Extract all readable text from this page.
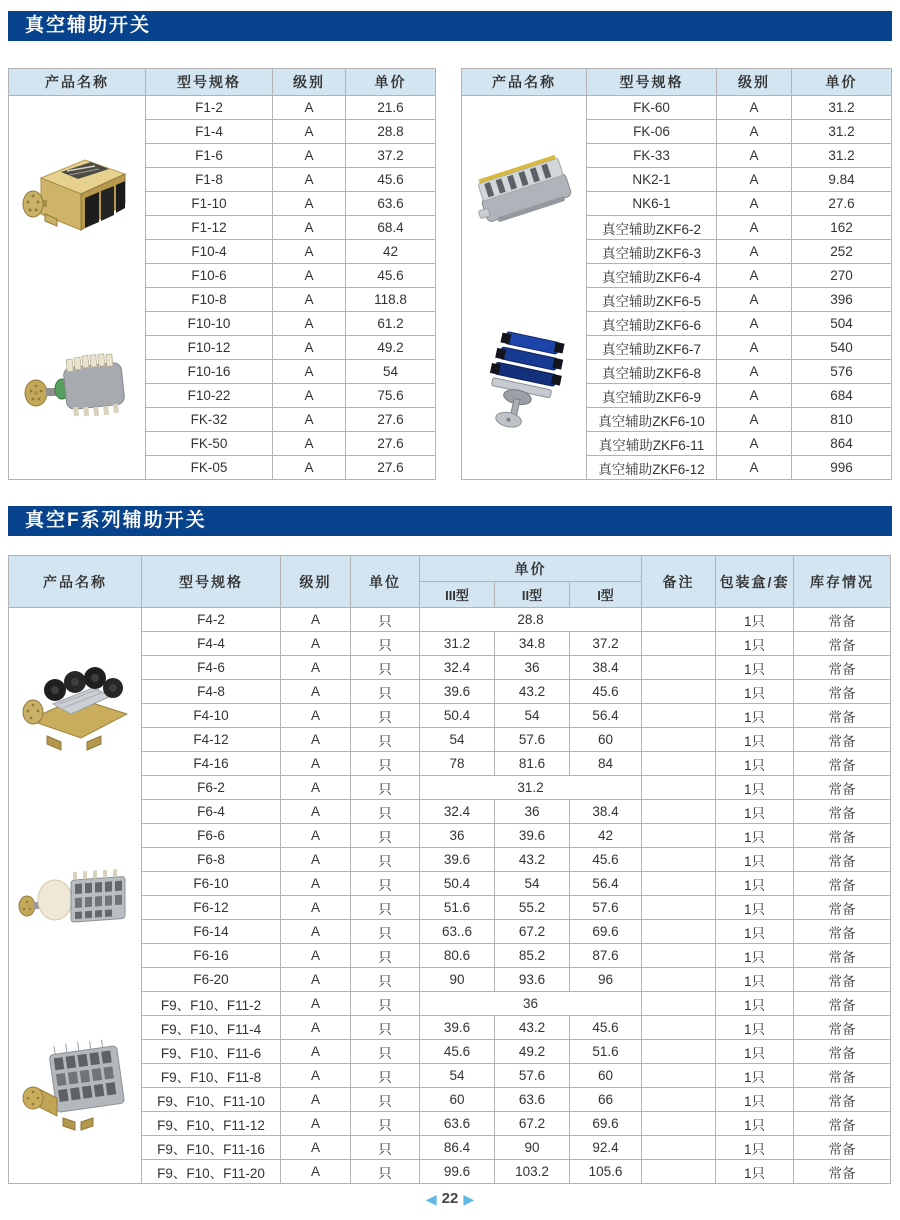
真空辅助开关
产品名称	型号规格	级别	单价

	F1-2	A	21.6
	F1-4	A	28.8
	F1-6	A	37.2
	F1-8	A	45.6
	F1-10	A	63.6
	F1-12	A	68.4
	F10-4	A	42
	F10-6	A	45.6
	F10-8	A	118.8
	F10-10	A	61.2
	F10-12	A	49.2
	F10-16	A	54
	F10-22	A	75.6
	FK-32	A	27.6
	FK-50	A	27.6
	FK-05	A	27.6
产品名称	型号规格	级别	单价

	FK-60	A	31.2
	FK-06	A	31.2
	FK-33	A	31.2
	NK2-1	A	9.84
	NK6-1	A	27.6
	真空辅助ZKF6-2	A	162
	真空辅助ZKF6-3	A	252
	真空辅助ZKF6-4	A	270
	真空辅助ZKF6-5	A	396
	真空辅助ZKF6-6	A	504
	真空辅助ZKF6-7	A	540
	真空辅助ZKF6-8	A	576
	真空辅助ZKF6-9	A	684
	真空辅助ZKF6-10	A	810
	真空辅助ZKF6-11	A	864
	真空辅助ZKF6-12	A	996
真空F系列辅助开关
产品名称	型号规格	级别	单位	单价			备注	包装盒/套	库存情况
				III型	II型	I型			

	F4-2	A	只	28.8				1只	常备
	F4-4	A	只	31.2	34.8	37.2		1只	常备
	F4-6	A	只	32.4	36	38.4		1只	常备
	F4-8	A	只	39.6	43.2	45.6		1只	常备
	F4-10	A	只	50.4	54	56.4		1只	常备
	F4-12	A	只	54	57.6	60		1只	常备
	F4-16	A	只	78	81.6	84		1只	常备
	F6-2	A	只	31.2				1只	常备
	F6-4	A	只	32.4	36	38.4		1只	常备
	F6-6	A	只	36	39.6	42		1只	常备
	F6-8	A	只	39.6	43.2	45.6		1只	常备
	F6-10	A	只	50.4	54	56.4		1只	常备
	F6-12	A	只	51.6	55.2	57.6		1只	常备
	F6-14	A	只	63..6	67.2	69.6		1只	常备
	F6-16	A	只	80.6	85.2	87.6		1只	常备
	F6-20	A	只	90	93.6	96		1只	常备
	F9、F10、F11-2	A	只	36				1只	常备
	F9、F10、F11-4	A	只	39.6	43.2	45.6		1只	常备
	F9、F10、F11-6	A	只	45.6	49.2	51.6		1只	常备
	F9、F10、F11-8	A	只	54	57.6	60		1只	常备
	F9、F10、F11-10	A	只	60	63.6	66		1只	常备
	F9、F10、F11-12	A	只	63.6	67.2	69.6		1只	常备
	F9、F10、F11-16	A	只	86.4	90	92.4		1只	常备
	F9、F10、F11-20	A	只	99.6	103.2	105.6		1只	常备
◀ 22 ▶
